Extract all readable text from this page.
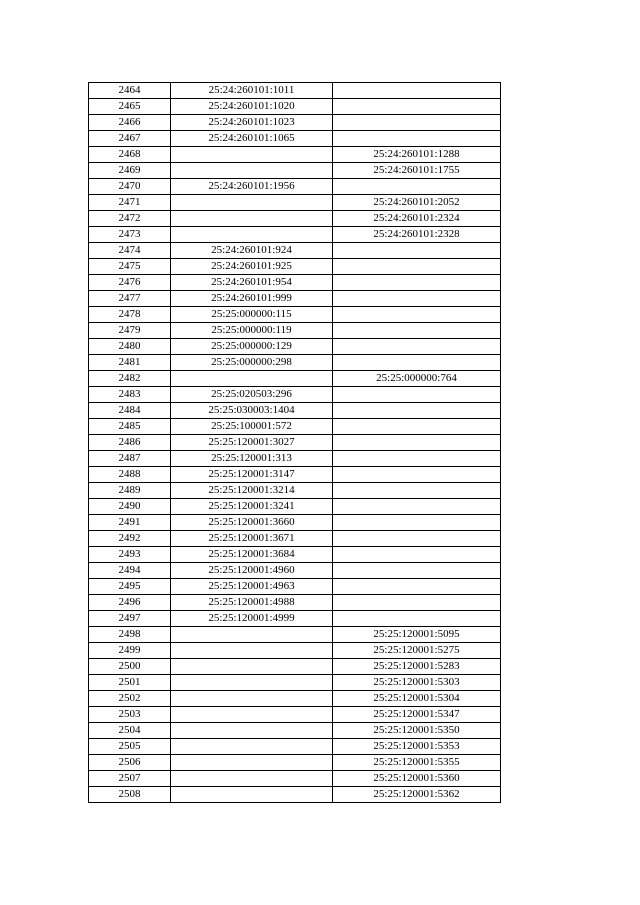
2464	25:24:260101:1011	
2465	25:24:260101:1020	
2466	25:24:260101:1023	
2467	25:24:260101:1065	
2468		25:24:260101:1288
2469		25:24:260101:1755
2470	25:24:260101:1956	
2471		25:24:260101:2052
2472		25:24:260101:2324
2473		25:24:260101:2328
2474	25:24:260101:924	
2475	25:24:260101:925	
2476	25:24:260101:954	
2477	25:24:260101:999	
2478	25:25:000000:115	
2479	25:25:000000:119	
2480	25:25:000000:129	
2481	25:25:000000:298	
2482		25:25:000000:764
2483	25:25:020503:296	
2484	25:25:030003:1404	
2485	25:25:100001:572	
2486	25:25:120001:3027	
2487	25:25:120001:313	
2488	25:25:120001:3147	
2489	25:25:120001:3214	
2490	25:25:120001:3241	
2491	25:25:120001:3660	
2492	25:25:120001:3671	
2493	25:25:120001:3684	
2494	25:25:120001:4960	
2495	25:25:120001:4963	
2496	25:25:120001:4988	
2497	25:25:120001:4999	
2498		25:25:120001:5095
2499		25:25:120001:5275
2500		25:25:120001:5283
2501		25:25:120001:5303
2502		25:25:120001:5304
2503		25:25:120001:5347
2504		25:25:120001:5350
2505		25:25:120001:5353
2506		25:25:120001:5355
2507		25:25:120001:5360
2508		25:25:120001:5362
